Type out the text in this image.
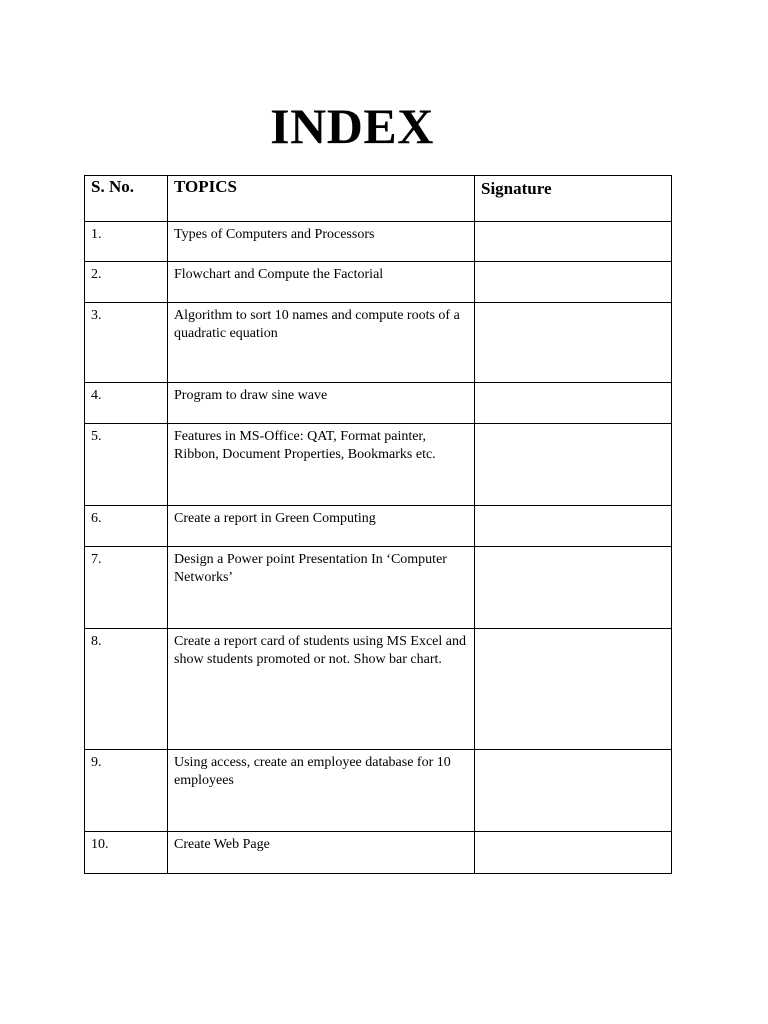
INDEX
S. No.	TOPICS	Signature

1.	Types of Computers and Processors	

2.	Flowchart and Compute the Factorial	

3.	Algorithm to sort 10 names and compute roots of a quadratic equation	

4.	Program to draw sine wave	

5.	Features in MS-Office: QAT, Format painter, Ribbon, Document Properties, Bookmarks etc.	

6.	Create a report in Green Computing	

7.	Design a Power point Presentation In ‘Computer Networks’	

8.	Create a report card of students using MS Excel and show students promoted or not. Show bar chart.	

9.	Using access, create an employee database for 10 employees	

10.	Create Web Page	
